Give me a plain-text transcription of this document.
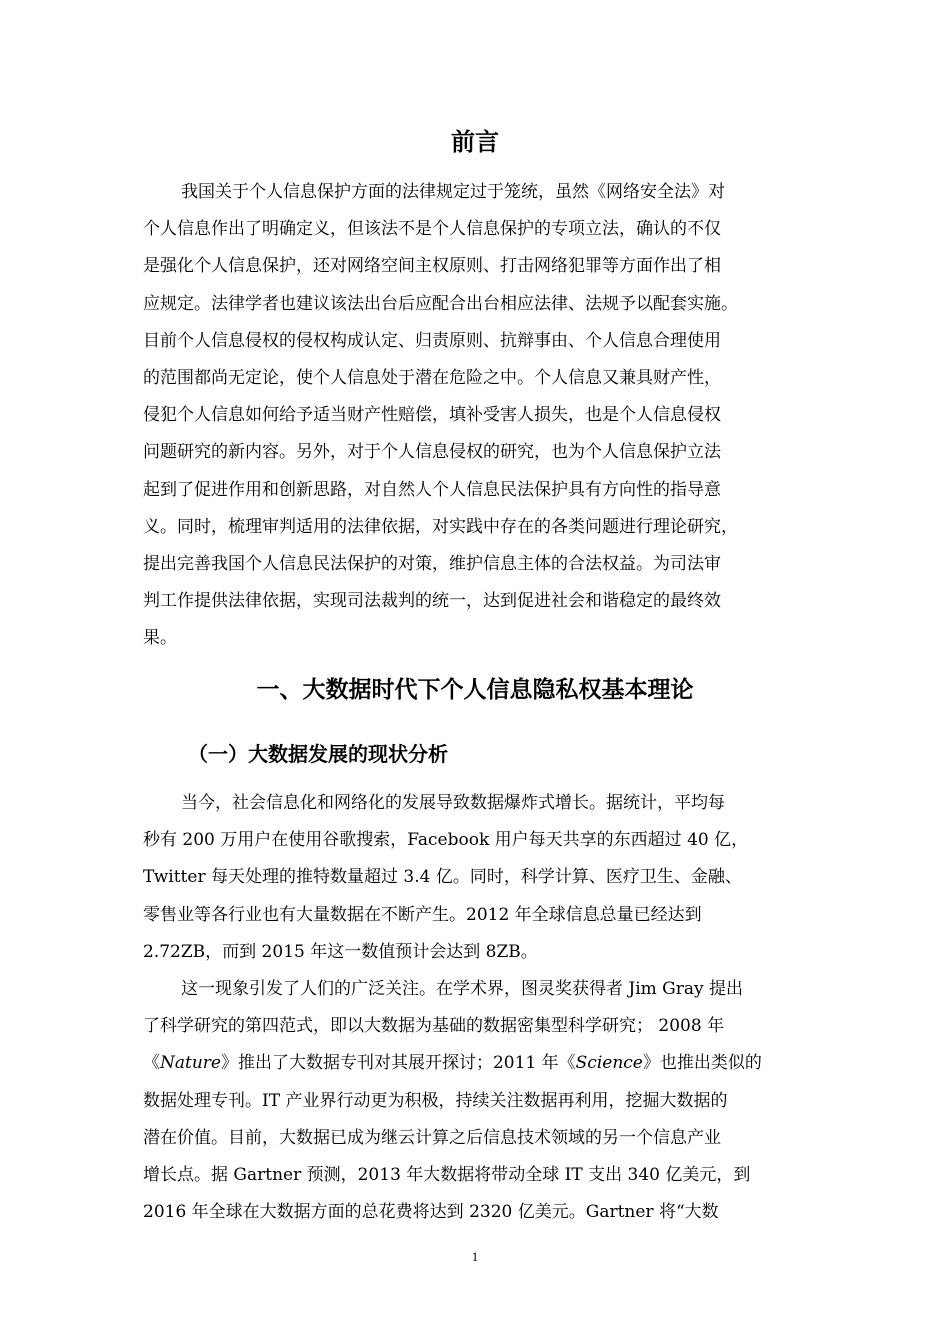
前言
我国关于个人信息保护方面的法律规定过于笼统，虽然《网络安全法》对
个人信息作出了明确定义，但该法不是个人信息保护的专项立法，确认的不仅
是强化个人信息保护，还对网络空间主权原则、打击网络犯罪等方面作出了相
应规定。法律学者也建议该法出台后应配合出台相应法律、法规予以配套实施。
目前个人信息侵权的侵权构成认定、归责原则、抗辩事由、个人信息合理使用
的范围都尚无定论，使个人信息处于潜在危险之中。个人信息又兼具财产性，
侵犯个人信息如何给予适当财产性赔偿，填补受害人损失，也是个人信息侵权
问题研究的新内容。另外，对于个人信息侵权的研究，也为个人信息保护立法
起到了促进作用和创新思路，对自然人个人信息民法保护具有方向性的指导意
义。同时，梳理审判适用的法律依据，对实践中存在的各类问题进行理论研究，
提出完善我国个人信息民法保护的对策，维护信息主体的合法权益。为司法审
判工作提供法律依据，实现司法裁判的统一，达到促进社会和谐稳定的最终效
果。
一、大数据时代下个人信息隐私权基本理论
（一）大数据发展的现状分析
当今，社会信息化和网络化的发展导致数据爆炸式增长。据统计，平均每
秒有 200 万用户在使用谷歌搜索，Facebook 用户每天共享的东西超过 40 亿，
Twitter 每天处理的推特数量超过 3.4 亿。同时，科学计算、医疗卫生、金融、
零售业等各行业也有大量数据在不断产生。2012 年全球信息总量已经达到
2.72ZB，而到 2015 年这一数值预计会达到 8ZB。
这一现象引发了人们的广泛关注。在学术界，图灵奖获得者 Jim Gray 提出
了科学研究的第四范式，即以大数据为基础的数据密集型科学研究； 2008 年
《Nature》推出了大数据专刊对其展开探讨；2011 年《Science》也推出类似的
数据处理专刊。IT 产业界行动更为积极，持续关注数据再利用，挖掘大数据的
潜在价值。目前，大数据已成为继云计算之后信息技术领域的另一个信息产业
增长点。据 Gartner 预测，2013 年大数据将带动全球 IT 支出 340 亿美元，到
2016 年全球在大数据方面的总花费将达到 2320 亿美元。Gartner 将“大数
1
